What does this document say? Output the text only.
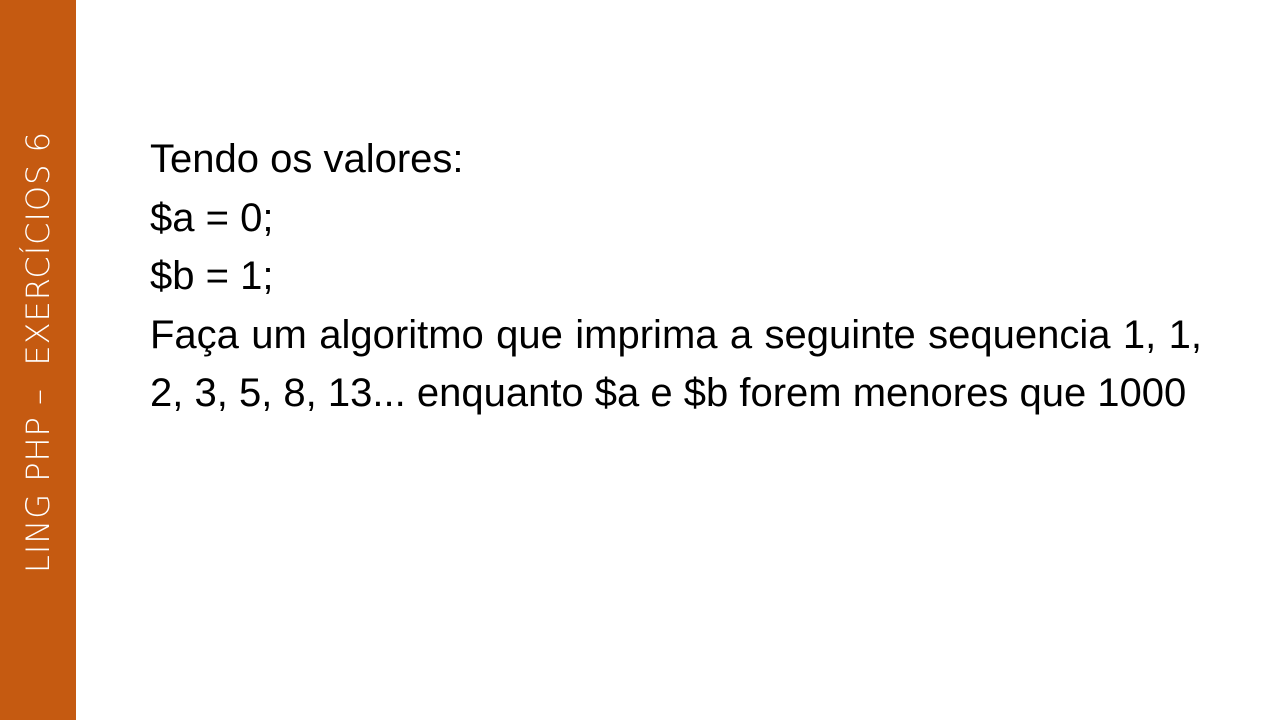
LING PHP –  EXERCÍCIOS 6 Tendo os valores:

$a = 0;

$b = 1;

Faça um algoritmo que imprima a seguinte sequencia 1, 1, 2, 3, 5, 8, 13... enquanto $a e $b forem menores que 1000
